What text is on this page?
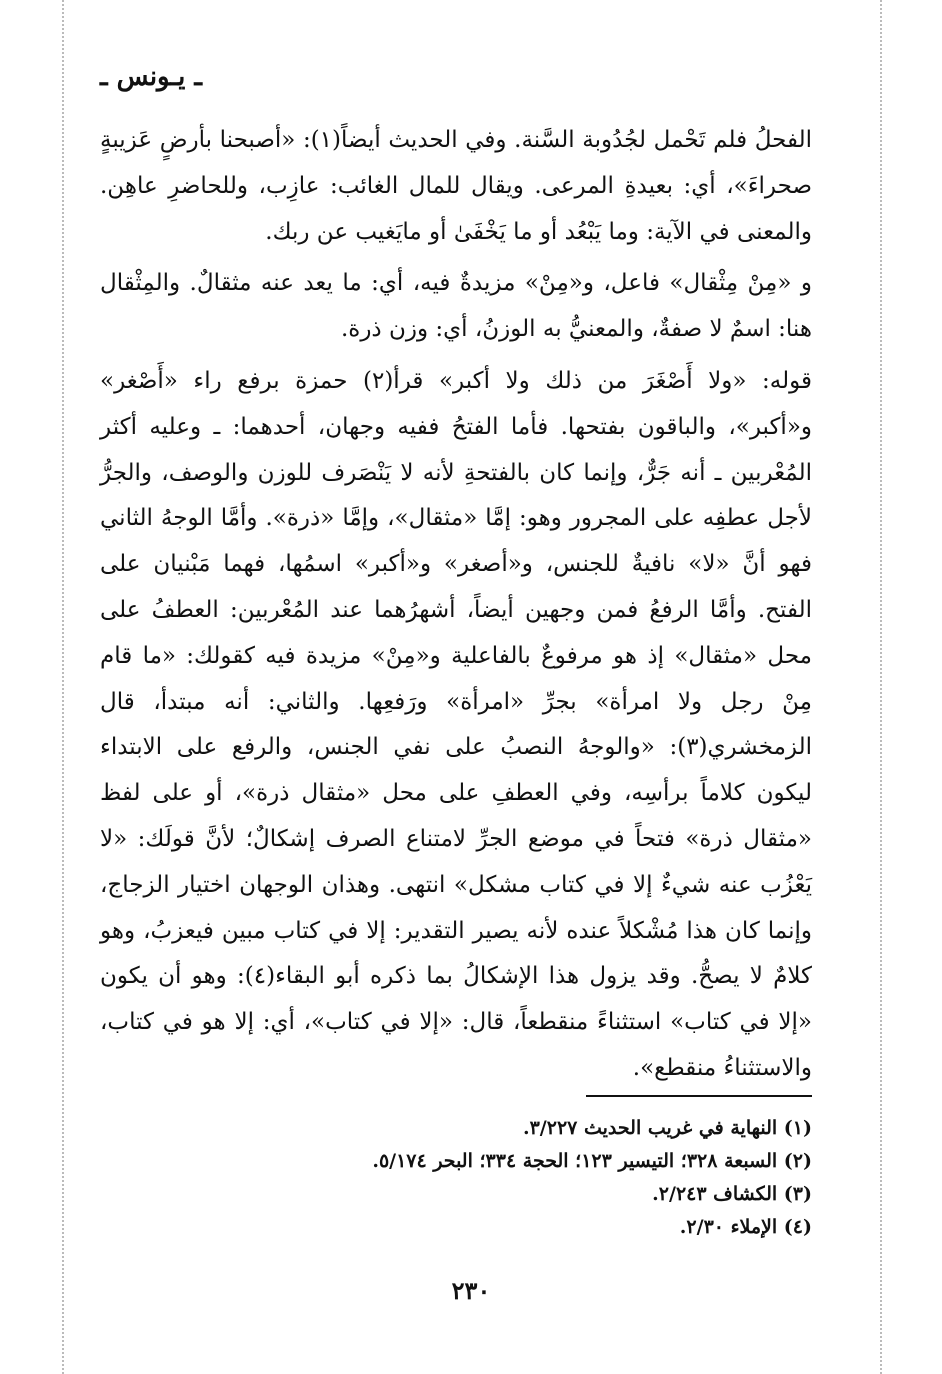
ـ يـونس ـ

الفحلُ فلم تَحْمل لجُدُوبة السَّنة. وفي الحديث أيضاً(١): «أصبحنا بأرضٍ عَزيبةٍ صحراءَ»، أي: بعيدةِ المرعى. ويقال للمال الغائب: عازِب، وللحاضرِ عاهِن. والمعنى في الآية: وما يَبْعُد أو ما يَخْفَىٰ أو مايَغيب عن ربك.

و «مِنْ مِثْقال» فاعل، و«مِنْ» مزيدةٌ فيه، أي: ما يعد عنه مثقالٌ. والمِثْقال هنا: اسمٌ لا صفةٌ، والمعنيُّ به الوزنُ، أي: وزن ذرة.

قوله: «ولا أَصْغَرَ من ذلك ولا أكبر» قرأ(٢) حمزة برفع راء «أَصْغر» و«أكبر»، والباقون بفتحها. فأما الفتحُ ففيه وجهان، أحدهما: ـ وعليه أكثر المُعْربين ـ أنه جَرٌّ، وإنما كان بالفتحةِ لأنه لا يَنْصَرف للوزن والوصف، والجرُّ لأجل عطفِه على المجرور وهو: إمَّا «مثقال»، وإمَّا «ذرة». وأمَّا الوجهُ الثاني فهو أنَّ «لا» نافيةٌ للجنس، و«أصغر» و«أكبر» اسمُها، فهما مَبْنيان على الفتح. وأمَّا الرفعُ فمن وجهين أيضاً، أشهرُهما عند المُعْربين: العطفُ على محل «مثقال» إذ هو مرفوعٌ بالفاعلية و«مِنْ» مزيدة فيه كقولك: «ما قام مِنْ رجل ولا امرأة» بجرِّ «امرأة» ورَفعِها. والثاني: أنه مبتدأ، قال الزمخشري(٣): «والوجهُ النصبُ على نفي الجنس، والرفع على الابتداء ليكون كلاماً برأسِه، وفي العطفِ على محل «مثقال ذرة»، أو على لفظ «مثقال ذرة» فتحاً في موضع الجرِّ لامتناع الصرف إشكالٌ؛ لأنَّ قولَك: «لا يَعْزُب عنه شيءٌ إلا في كتاب مشكل» انتهى. وهذان الوجهان اختيار الزجاج، وإنما كان هذا مُشْكلاً عنده لأنه يصير التقدير: إلا في كتاب مبين فيعزبُ، وهو كلامٌ لا يصحُّ. وقد يزول هذا الإشكالُ بما ذكره أبو البقاء(٤): وهو أن يكون «إلا في كتاب» استثناءً منقطعاً، قال: «إلا في كتاب»، أي: إلا هو في كتاب، والاستثناءُ منقطع».

(١) النهاية في غريب الحديث ٣/٢٢٧.
(٢) السبعة ٣٢٨؛ التيسير ١٢٣؛ الحجة ٣٣٤؛ البحر ٥/١٧٤.
(٣) الكشاف ٢/٢٤٣.
(٤) الإملاء ٢/٣٠.
٢٣٠
